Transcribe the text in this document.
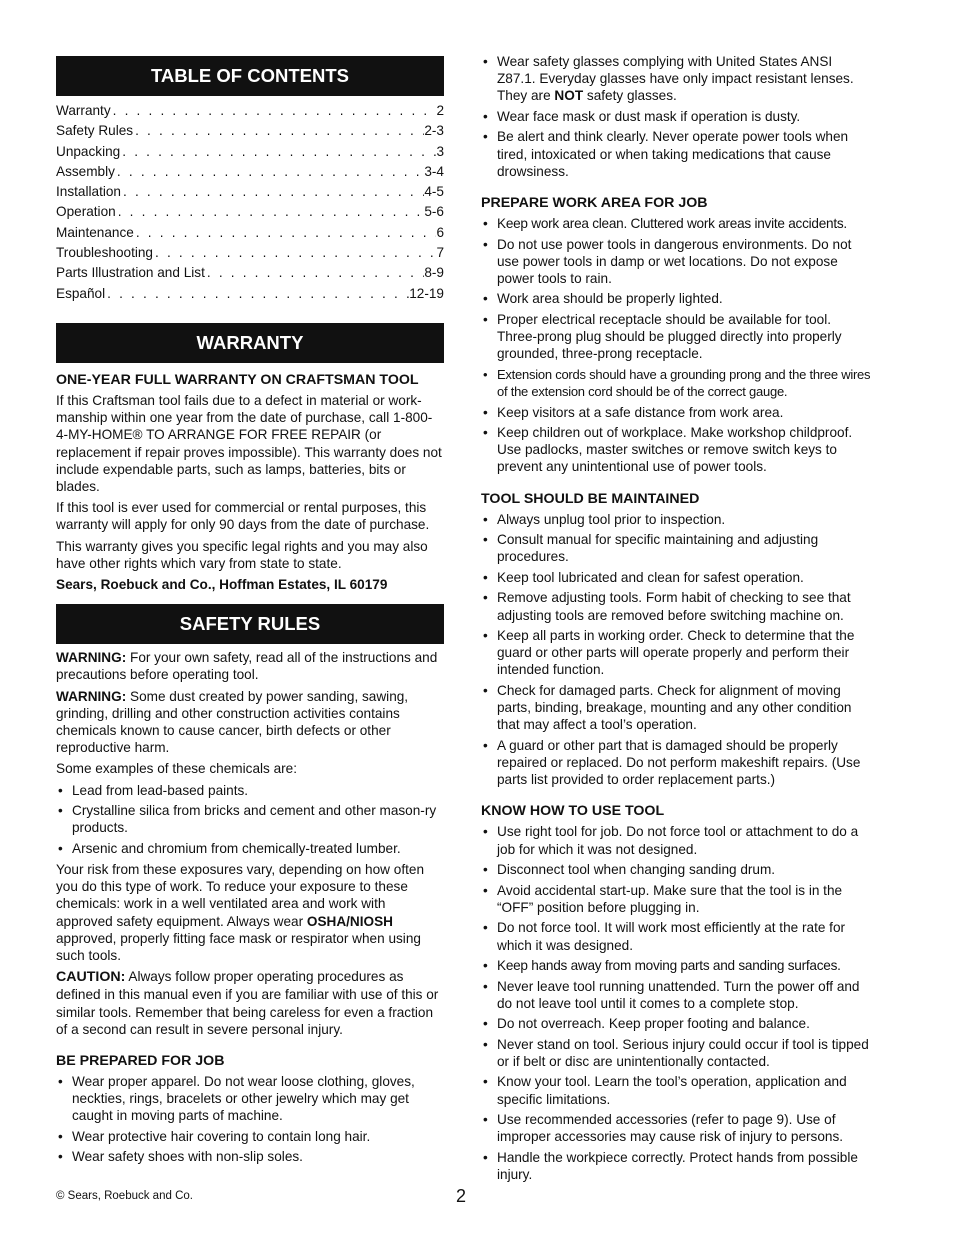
TABLE OF CONTENTS
Warranty . . .	2
Safety Rules . . .	2-3
Unpacking . . .	3
Assembly . . .	3-4
Installation . . .	4-5
Operation . . .	5-6
Maintenance . . .	6
Troubleshooting . . .	7
Parts Illustration and List . . .	8-9
Español . . .	12-19
WARRANTY
ONE-YEAR FULL WARRANTY ON CRAFTSMAN TOOL

If this Craftsman tool fails due to a defect in material or work-manship within one year from the date of purchase, call 1-800-4-MY-HOME® TO ARRANGE FOR FREE REPAIR (or replacement if repair proves impossible). This warranty does not include expendable parts, such as lamps, batteries, bits or blades.

If this tool is ever used for commercial or rental purposes, this warranty will apply for only 90 days from the date of purchase.

This warranty gives you specific legal rights and you may also have other rights which vary from state to state.

Sears, Roebuck and Co., Hoffman Estates, IL 60179

SAFETY RULES

WARNING: For your own safety, read all of the instructions and precautions before operating tool.

WARNING: Some dust created by power sanding, sawing, grinding, drilling and other construction activities contains chemicals known to cause cancer, birth defects or other reproductive harm.

Some examples of these chemicals are:

• Lead from lead-based paints.
• Crystalline silica from bricks and cement and other mason-ry products.
• Arsenic and chromium from chemically-treated lumber.

Your risk from these exposures vary, depending on how often you do this type of work. To reduce your exposure to these chemicals: work in a well ventilated area and work with approved safety equipment. Always wear OSHA/NIOSH approved, properly fitting face mask or respirator when using such tools.

CAUTION: Always follow proper operating procedures as defined in this manual even if you are familiar with use of this or similar tools. Remember that being careless for even a fraction of a second can result in severe personal injury.

BE PREPARED FOR JOB
• Wear proper apparel. Do not wear loose clothing, gloves, neckties, rings, bracelets or other jewelry which may get caught in moving parts of machine.
• Wear protective hair covering to contain long hair.
• Wear safety shoes with non-slip soles.
• Wear safety glasses complying with United States ANSI Z87.1. Everyday glasses have only impact resistant lenses. They are NOT safety glasses.
• Wear face mask or dust mask if operation is dusty.
• Be alert and think clearly. Never operate power tools when tired, intoxicated or when taking medications that cause drowsiness.
PREPARE WORK AREA FOR JOB
• Keep work area clean. Cluttered work areas invite accidents.
• Do not use power tools in dangerous environments. Do not use power tools in damp or wet locations. Do not expose power tools to rain.
• Work area should be properly lighted.
• Proper electrical receptacle should be available for tool. Three-prong plug should be plugged directly into properly grounded, three-prong receptacle.
• Extension cords should have a grounding prong and the three wires of the extension cord should be of the correct gauge.
• Keep visitors at a safe distance from work area.
• Keep children out of workplace. Make workshop childproof. Use padlocks, master switches or remove switch keys to prevent any unintentional use of power tools.
TOOL SHOULD BE MAINTAINED
• Always unplug tool prior to inspection.
• Consult manual for specific maintaining and adjusting procedures.
• Keep tool lubricated and clean for safest operation.
• Remove adjusting tools. Form habit of checking to see that adjusting tools are removed before switching machine on.
• Keep all parts in working order. Check to determine that the guard or other parts will operate properly and perform their intended function.
• Check for damaged parts. Check for alignment of moving parts, binding, breakage, mounting and any other condition that may affect a tool’s operation.
• A guard or other part that is damaged should be properly repaired or replaced. Do not perform makeshift repairs. (Use parts list provided to order replacement parts.)
KNOW HOW TO USE TOOL
• Use right tool for job. Do not force tool or attachment to do a job for which it was not designed.
• Disconnect tool when changing sanding drum.
• Avoid accidental start-up. Make sure that the tool is in the “OFF” position before plugging in.
• Do not force tool. It will work most efficiently at the rate for which it was designed.
• Keep hands away from moving parts and sanding surfaces.
• Never leave tool running unattended. Turn the power off and do not leave tool until it comes to a complete stop.
• Do not overreach. Keep proper footing and balance.
• Never stand on tool. Serious injury could occur if tool is tipped or if belt or disc are unintentionally contacted.
• Know your tool. Learn the tool’s operation, application and specific limitations.
• Use recommended accessories (refer to page 9). Use of improper accessories may cause risk of injury to persons.
• Handle the workpiece correctly. Protect hands from possible injury.
© Sears, Roebuck and Co.	2
